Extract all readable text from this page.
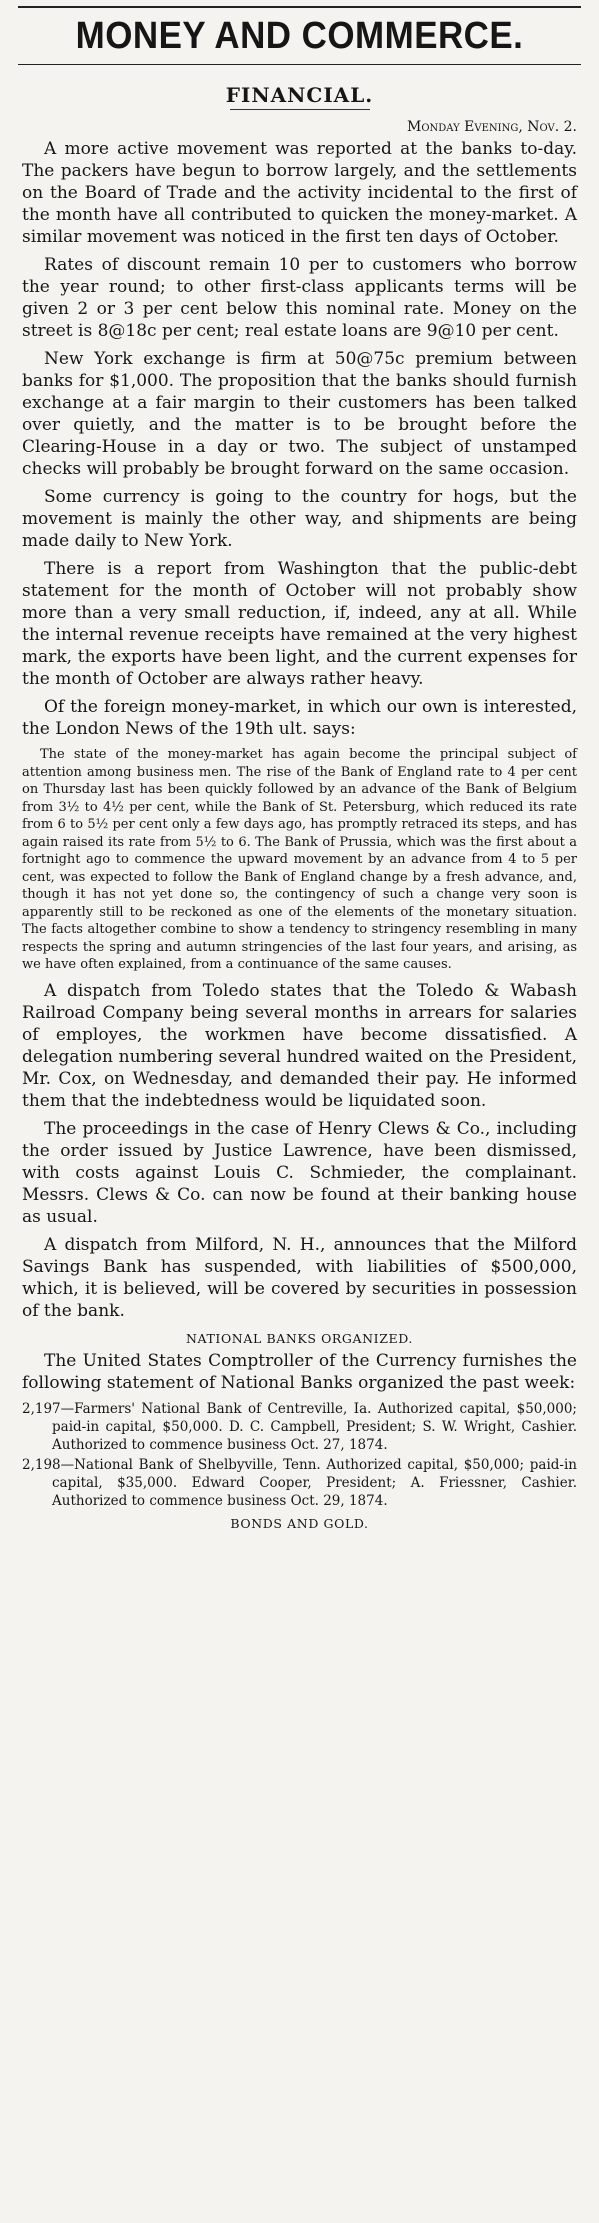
MONEY AND COMMERCE.
FINANCIAL.
Monday Evening, Nov. 2.

A more active movement was reported at the banks to-day. The packers have begun to borrow largely, and the settlements on the Board of Trade and the activity incidental to the first of the month have all contributed to quicken the money-market. A similar movement was noticed in the first ten days of October.

Rates of discount remain 10 per to customers who borrow the year round; to other first-class applicants terms will be given 2 or 3 per cent below this nominal rate. Money on the street is 8@18c per cent; real estate loans are 9@10 per cent.

New York exchange is firm at 50@75c premium between banks for $1,000. The proposition that the banks should furnish exchange at a fair margin to their customers has been talked over quietly, and the matter is to be brought before the Clearing-House in a day or two. The subject of unstamped checks will probably be brought forward on the same occasion.

Some currency is going to the country for hogs, but the movement is mainly the other way, and shipments are being made daily to New York.

There is a report from Washington that the public-debt statement for the month of October will not probably show more than a very small reduction, if, indeed, any at all. While the internal revenue receipts have remained at the very highest mark, the exports have been light, and the current expenses for the month of October are always rather heavy.

Of the foreign money-market, in which our own is interested, the London News of the 19th ult. says:

The state of the money-market has again become the principal subject of attention among business men. The rise of the Bank of England rate to 4 per cent on Thursday last has been quickly followed by an advance of the Bank of Belgium from 3½ to 4½ per cent, while the Bank of St. Petersburg, which reduced its rate from 6 to 5½ per cent only a few days ago, has promptly retraced its steps, and has again raised its rate from 5½ to 6. The Bank of Prussia, which was the first about a fortnight ago to commence the upward movement by an advance from 4 to 5 per cent, was expected to follow the Bank of England change by a fresh advance, and, though it has not yet done so, the contingency of such a change very soon is apparently still to be reckoned as one of the elements of the monetary situation. The facts altogether combine to show a tendency to stringency resembling in many respects the spring and autumn stringencies of the last four years, and arising, as we have often explained, from a continuance of the same causes.

A dispatch from Toledo states that the Toledo & Wabash Railroad Company being several months in arrears for salaries of employes, the workmen have become dissatisfied. A delegation numbering several hundred waited on the President, Mr. Cox, on Wednesday, and demanded their pay. He informed them that the indebtedness would be liquidated soon.

The proceedings in the case of Henry Clews & Co., including the order issued by Justice Lawrence, have been dismissed, with costs against Louis C. Schmieder, the complainant. Messrs. Clews & Co. can now be found at their banking house as usual.

A dispatch from Milford, N. H., announces that the Milford Savings Bank has suspended, with liabilities of $500,000, which, it is believed, will be covered by securities in possession of the bank.

NATIONAL BANKS ORGANIZED.

The United States Comptroller of the Currency furnishes the following statement of National Banks organized the past week:

2,197—Farmers' National Bank of Centreville, Ia. Authorized capital, $50,000; paid-in capital, $50,000. D. C. Campbell, President; S. W. Wright, Cashier. Authorized to commence business Oct. 27, 1874.
2,198—National Bank of Shelbyville, Tenn. Authorized capital, $50,000; paid-in capital, $35,000. Edward Cooper, President; A. Friessner, Cashier. Authorized to commence business Oct. 29, 1874.
BONDS AND GOLD.
